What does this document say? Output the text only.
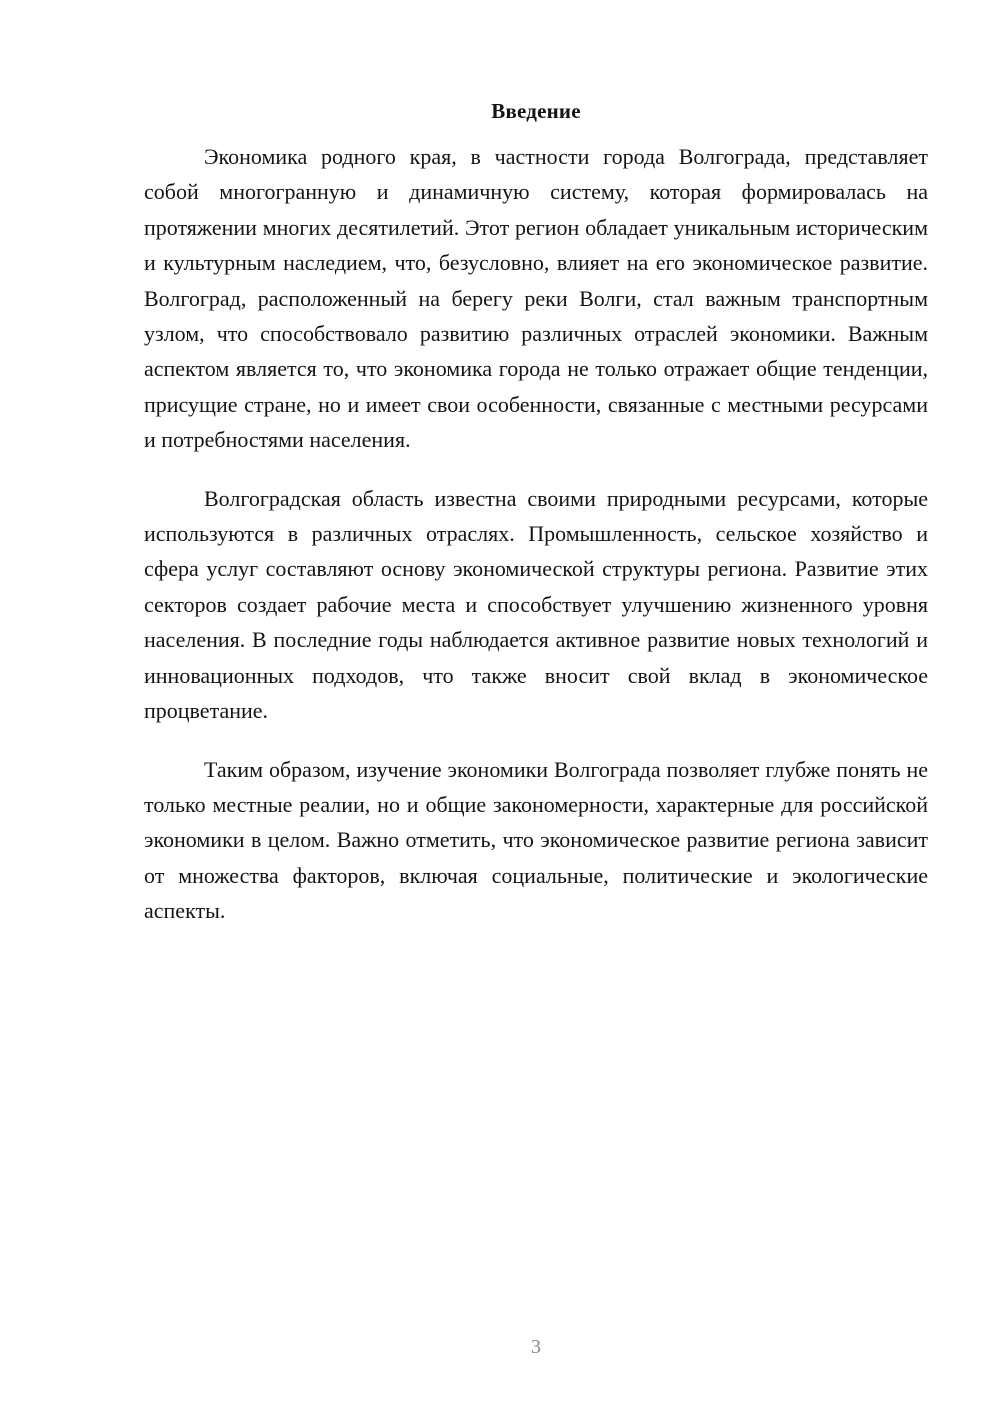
Введение

Экономика родного края, в частности города Волгограда, представляет собой многогранную и динамичную систему, которая формировалась на протяжении многих десятилетий. Этот регион обладает уникальным историческим и культурным наследием, что, безусловно, влияет на его экономическое развитие. Волгоград, расположенный на берегу реки Волги, стал важным транспортным узлом, что способствовало развитию различных отраслей экономики. Важным аспектом является то, что экономика города не только отражает общие тенденции, присущие стране, но и имеет свои особенности, связанные с местными ресурсами и потребностями населения.

Волгоградская область известна своими природными ресурсами, которые используются в различных отраслях. Промышленность, сельское хозяйство и сфера услуг составляют основу экономической структуры региона. Развитие этих секторов создает рабочие места и способствует улучшению жизненного уровня населения. В последние годы наблюдается активное развитие новых технологий и инновационных подходов, что также вносит свой вклад в экономическое процветание.

Таким образом, изучение экономики Волгограда позволяет глубже понять не только местные реалии, но и общие закономерности, характерные для российской экономики в целом. Важно отметить, что экономическое развитие региона зависит от множества факторов, включая социальные, политические и экологические аспекты.

3
